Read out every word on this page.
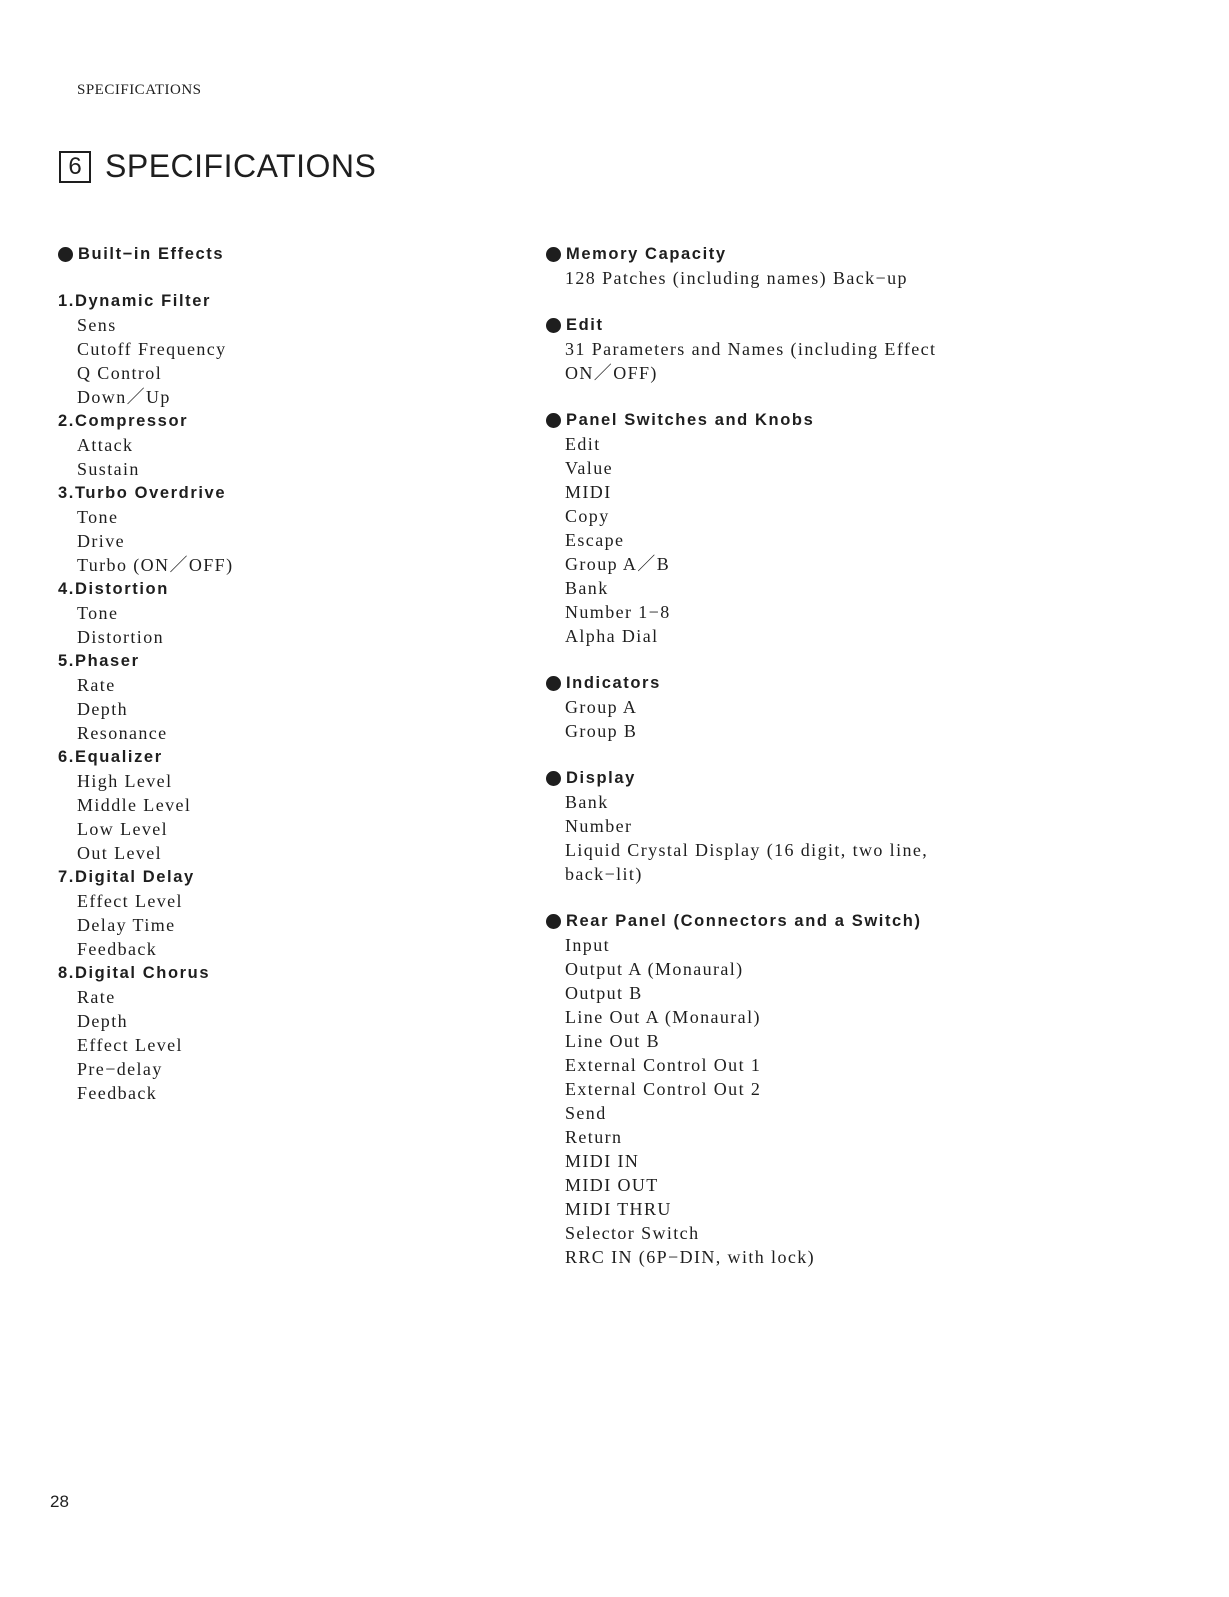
SPECIFICATIONS
6 SPECIFICATIONS
Built−in Effects
1.Dynamic Filter
Sens
Cutoff Frequency
Q Control
Down／Up
2.Compressor
Attack
Sustain
3.Turbo Overdrive
Tone
Drive
Turbo (ON／OFF)
4.Distortion
Tone
Distortion
5.Phaser
Rate
Depth
Resonance
6.Equalizer
High Level
Middle Level
Low Level
Out Level
7.Digital Delay
Effect Level
Delay Time
Feedback
8.Digital Chorus
Rate
Depth
Effect Level
Pre−delay
Feedback
Memory Capacity
128 Patches (including names) Back−up
Edit
31 Parameters and Names (including Effect
ON／OFF)
Panel Switches and Knobs
Edit
Value
MIDI
Copy
Escape
Group A／B
Bank
Number 1−8
Alpha Dial
Indicators
Group A
Group B
Display
Bank
Number
Liquid Crystal Display (16 digit, two line,
back−lit)
Rear Panel (Connectors and a Switch)
Input
Output A (Monaural)
Output B
Line Out A (Monaural)
Line Out B
External Control Out 1
External Control Out 2
Send
Return
MIDI IN
MIDI OUT
MIDI THRU
Selector Switch
RRC IN (6P−DIN, with lock)
28
